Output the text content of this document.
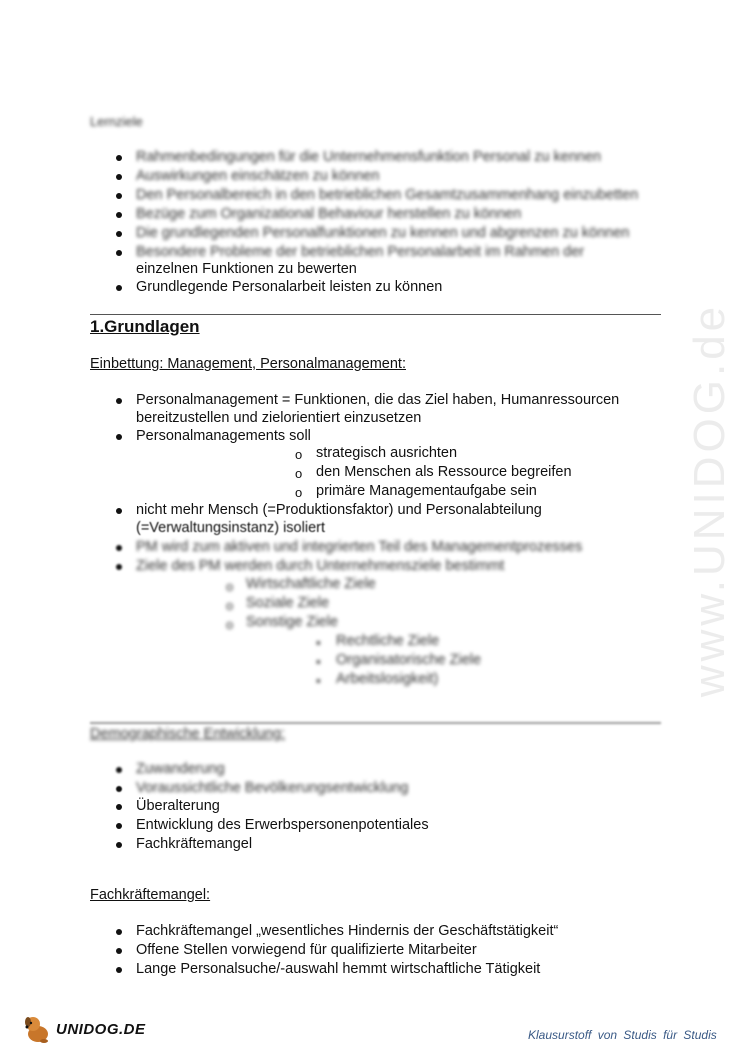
www.UNIDOG.de
Lernziele
Rahmenbedingungen für die Unternehmensfunktion Personal zu kennen
Auswirkungen einschätzen zu können
Den Personalbereich in den betrieblichen Gesamtzusammenhang einzubetten
Bezüge zum Organizational Behaviour herstellen zu können
Die grundlegenden Personalfunktionen zu kennen und abgrenzen zu können
Besondere Probleme der betrieblichen Personalarbeit im Rahmen der
einzelnen Funktionen zu bewerten
Grundlegende Personalarbeit leisten zu können
1.Grundlagen
Einbettung: Management, Personalmanagement:
Personalmanagement = Funktionen, die das Ziel haben, Humanressourcen
bereitzustellen und zielorientiert einzusetzen
Personalmanagements soll
o strategisch ausrichten
o den Menschen als Ressource begreifen
o primäre Managementaufgabe sein
nicht mehr Mensch (=Produktionsfaktor) und Personalabteilung
(=Verwaltungsinstanz) isoliert
PM wird zum aktiven und integrierten Teil des Managementprozesses
Ziele des PM werden durch Unternehmensziele bestimmt
o Wirtschaftliche Ziele
o Soziale Ziele
o Sonstige Ziele
▪ Rechtliche Ziele
▪ Organisatorische Ziele
▪ Arbeitslosigkeit)
Demographische Entwicklung:
Zuwanderung
Voraussichtliche Bevölkerungsentwicklung
Überalterung
Entwicklung des Erwerbspersonenpotentiales
Fachkräftemangel
Fachkräftemangel:
Fachkräftemangel „wesentliches Hindernis der Geschäftstätigkeit“
Offene Stellen vorwiegend für qualifizierte Mitarbeiter
Lange Personalsuche/-auswahl hemmt wirtschaftliche Tätigkeit
UNIDOG.DE	Klausurstoff von Studis für Studis
